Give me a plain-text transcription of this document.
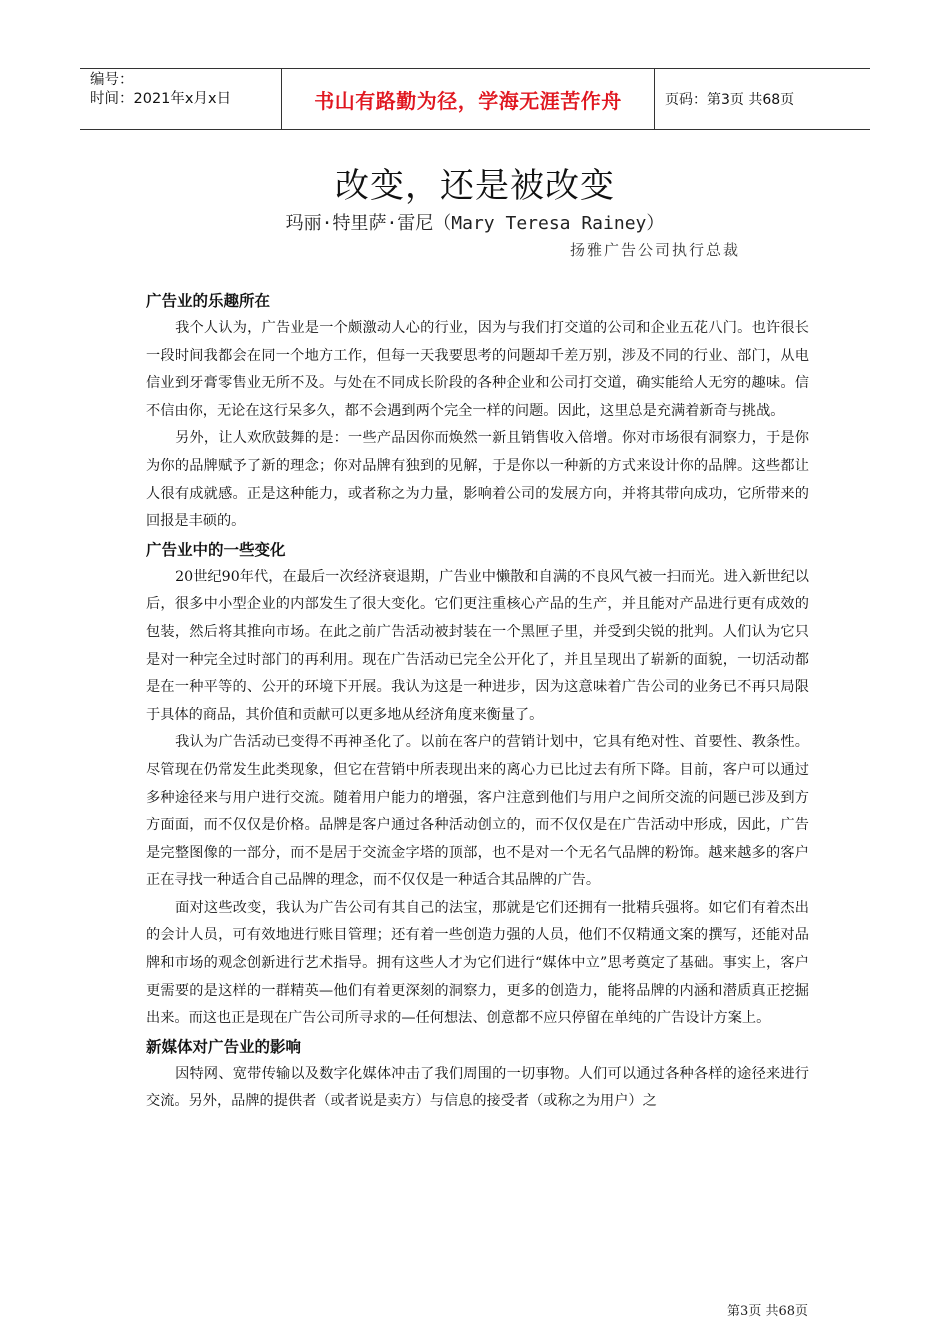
编号：
时间：2021年x月x日	书山有路勤为径，学海无涯苦作舟	页码：第3页 共68页
改变，还是被改变
玛丽·特里萨·雷尼（Mary Teresa Rainey）
扬雅广告公司执行总裁

广告业的乐趣所在

我个人认为，广告业是一个颇激动人心的行业，因为与我们打交道的公司和企业五花八门。也许很长一段时间我都会在同一个地方工作，但每一天我要思考的问题却千差万别，涉及不同的行业、部门，从电信业到牙膏零售业无所不及。与处在不同成长阶段的各种企业和公司打交道，确实能给人无穷的趣味。信不信由你，无论在这行呆多久，都不会遇到两个完全一样的问题。因此，这里总是充满着新奇与挑战。

另外，让人欢欣鼓舞的是：一些产品因你而焕然一新且销售收入倍增。你对市场很有洞察力，于是你为你的品牌赋予了新的理念；你对品牌有独到的见解，于是你以一种新的方式来设计你的品牌。这些都让人很有成就感。正是这种能力，或者称之为力量，影响着公司的发展方向，并将其带向成功，它所带来的回报是丰硕的。

广告业中的一些变化

20世纪90年代，在最后一次经济衰退期，广告业中懒散和自满的不良风气被一扫而光。进入新世纪以后，很多中小型企业的内部发生了很大变化。它们更注重核心产品的生产，并且能对产品进行更有成效的包装，然后将其推向市场。在此之前广告活动被封装在一个黑匣子里，并受到尖锐的批判。人们认为它只是对一种完全过时部门的再利用。现在广告活动已完全公开化了，并且呈现出了崭新的面貌，一切活动都是在一种平等的、公开的环境下开展。我认为这是一种进步，因为这意味着广告公司的业务已不再只局限于具体的商品，其价值和贡献可以更多地从经济角度来衡量了。

我认为广告活动已变得不再神圣化了。以前在客户的营销计划中，它具有绝对性、首要性、教条性。尽管现在仍常发生此类现象，但它在营销中所表现出来的离心力已比过去有所下降。目前，客户可以通过多种途径来与用户进行交流。随着用户能力的增强，客户注意到他们与用户之间所交流的问题已涉及到方方面面，而不仅仅是价格。品牌是客户通过各种活动创立的，而不仅仅是在广告活动中形成，因此，广告是完整图像的一部分，而不是居于交流金字塔的顶部，也不是对一个无名气品牌的粉饰。越来越多的客户正在寻找一种适合自己品牌的理念，而不仅仅是一种适合其品牌的广告。

面对这些改变，我认为广告公司有其自己的法宝，那就是它们还拥有一批精兵强将。如它们有着杰出的会计人员，可有效地进行账目管理；还有着一些创造力强的人员，他们不仅精通文案的撰写，还能对品牌和市场的观念创新进行艺术指导。拥有这些人才为它们进行“媒体中立”思考奠定了基础。事实上，客户更需要的是这样的一群精英—他们有着更深刻的洞察力，更多的创造力，能将品牌的内涵和潜质真正挖掘出来。而这也正是现在广告公司所寻求的—任何想法、创意都不应只停留在单纯的广告设计方案上。

新媒体对广告业的影响

因特网、宽带传输以及数字化媒体冲击了我们周围的一切事物。人们可以通过各种各样的途径来进行交流。另外，品牌的提供者（或者说是卖方）与信息的接受者（或称之为用户）之

第3页 共68页
